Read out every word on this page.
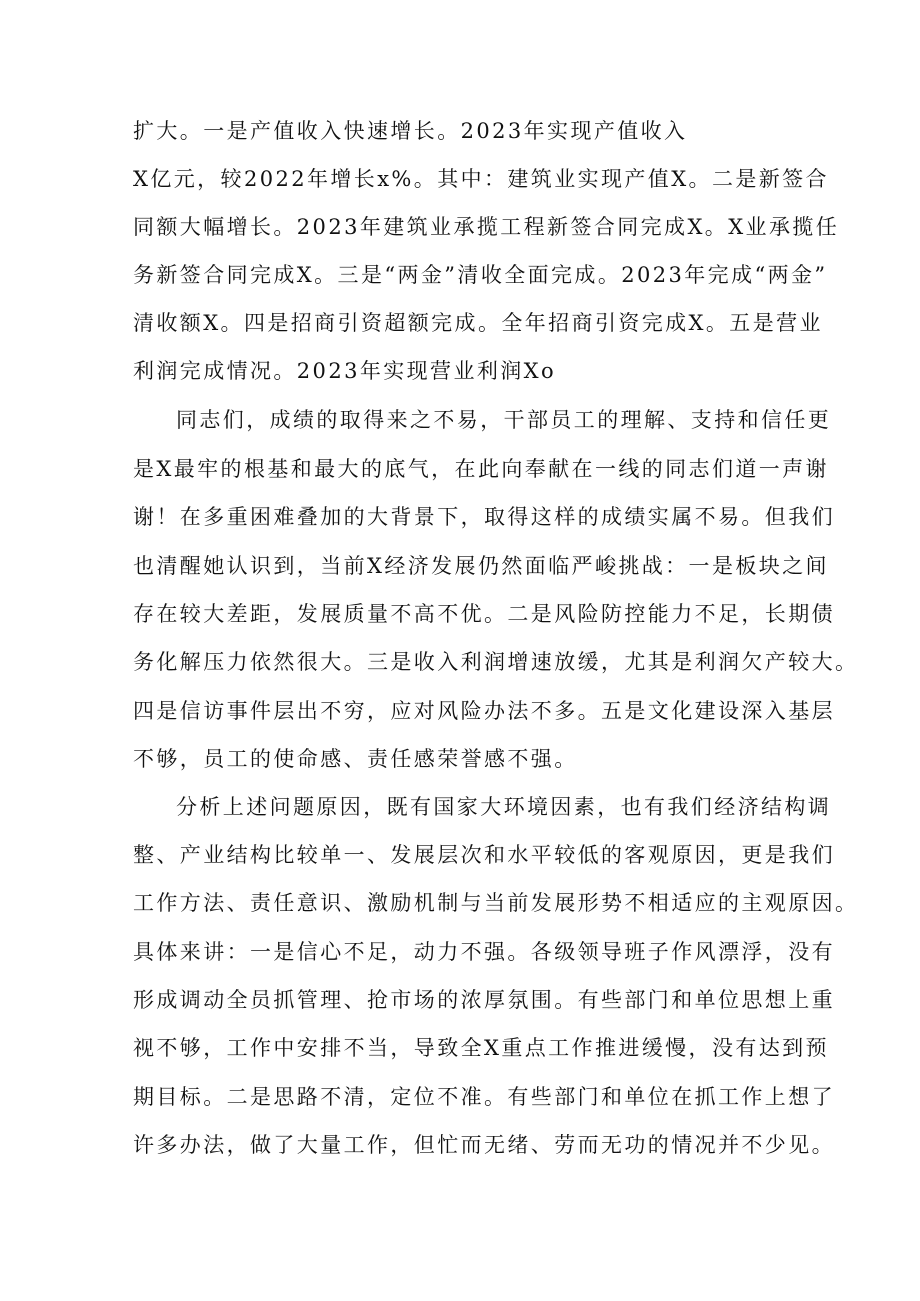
扩大。一是产值收入快速增长。2023年实现产值收入

X亿元，较2022年增长x%。其中：建筑业实现产值X。二是新签合

同额大幅增长。2023年建筑业承揽工程新签合同完成X。X业承揽任

务新签合同完成X。三是“两金”清收全面完成。2023年完成“两金”

清收额X。四是招商引资超额完成。全年招商引资完成X。五是营业

利润完成情况。2023年实现营业利润Xo

同志们，成绩的取得来之不易，干部员工的理解、支持和信任更

是X最牢的根基和最大的底气，在此向奉献在一线的同志们道一声谢

谢！在多重困难叠加的大背景下，取得这样的成绩实属不易。但我们

也清醒她认识到，当前X经济发展仍然面临严峻挑战：一是板块之间

存在较大差距，发展质量不高不优。二是风险防控能力不足，长期债

务化解压力依然很大。三是收入利润增速放缓，尤其是利润欠产较大。

四是信访事件层出不穷，应对风险办法不多。五是文化建设深入基层

不够，员工的使命感、责任感荣誉感不强。

分析上述问题原因，既有国家大环境因素，也有我们经济结构调

整、产业结构比较单一、发展层次和水平较低的客观原因，更是我们

工作方法、责任意识、激励机制与当前发展形势不相适应的主观原因。

具体来讲：一是信心不足，动力不强。各级领导班子作风漂浮，没有

形成调动全员抓管理、抢市场的浓厚氛围。有些部门和单位思想上重

视不够，工作中安排不当，导致全X重点工作推进缓慢，没有达到预

期目标。二是思路不清，定位不准。有些部门和单位在抓工作上想了

许多办法，做了大量工作，但忙而无绪、劳而无功的情况并不少见。
